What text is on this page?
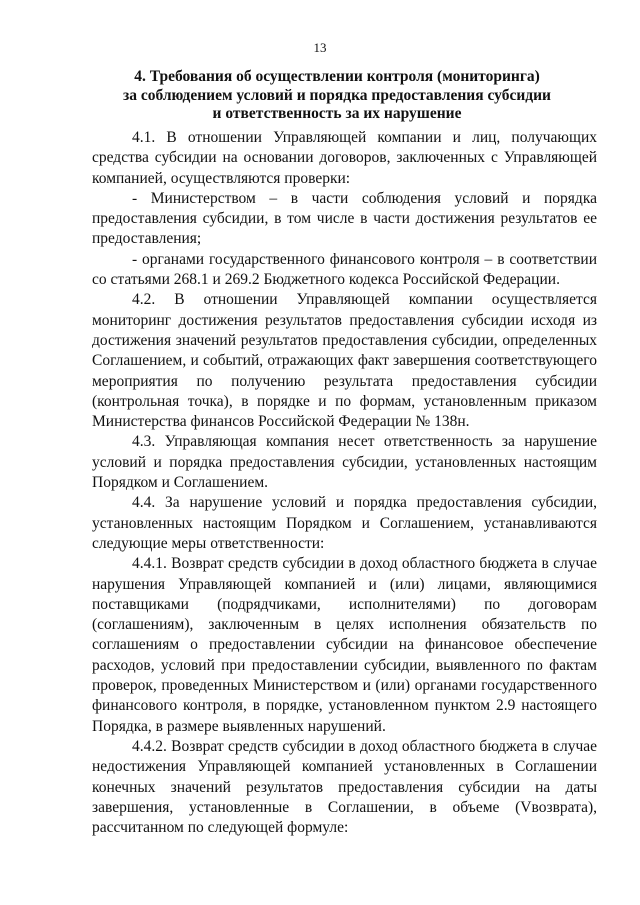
13
4. Требования об осуществлении контроля (мониторинга)
за соблюдением условий и порядка предоставления субсидии
и ответственность за их нарушение

4.1. В отношении Управляющей компании и лиц, получающих средства субсидии на основании договоров, заключенных с Управляющей компанией, осуществляются проверки:

- Министерством – в части соблюдения условий и порядка предоставления субсидии, в том числе в части достижения результатов ее предоставления;

- органами государственного финансового контроля – в соответствии со статьями 268.1 и 269.2 Бюджетного кодекса Российской Федерации.

4.2. В отношении Управляющей компании осуществляется мониторинг достижения результатов предоставления субсидии исходя из достижения значений результатов предоставления субсидии, определенных Соглашением, и событий, отражающих факт завершения соответствующего мероприятия по получению результата предоставления субсидии (контрольная точка), в порядке и по формам, установленным приказом Министерства финансов Российской Федерации № 138н.

4.3. Управляющая компания несет ответственность за нарушение условий и порядка предоставления субсидии, установленных настоящим Порядком и Соглашением.

4.4. За нарушение условий и порядка предоставления субсидии, установленных настоящим Порядком и Соглашением, устанавливаются следующие меры ответственности:

4.4.1. Возврат средств субсидии в доход областного бюджета в случае нарушения Управляющей компанией и (или) лицами, являющимися поставщиками (подрядчиками, исполнителями) по договорам (соглашениям), заключенным в целях исполнения обязательств по соглашениям о предоставлении субсидии на финансовое обеспечение расходов, условий при предоставлении субсидии, выявленного по фактам проверок, проведенных Министерством и (или) органами государственного финансового контроля, в порядке, установленном пунктом 2.9 настоящего Порядка, в размере выявленных нарушений.

4.4.2. Возврат средств субсидии в доход областного бюджета в случае недостижения Управляющей компанией установленных в Соглашении конечных значений результатов предоставления субсидии на даты завершения, установленные в Соглашении, в объеме (Vвозврата), рассчитанном по следующей формуле:
